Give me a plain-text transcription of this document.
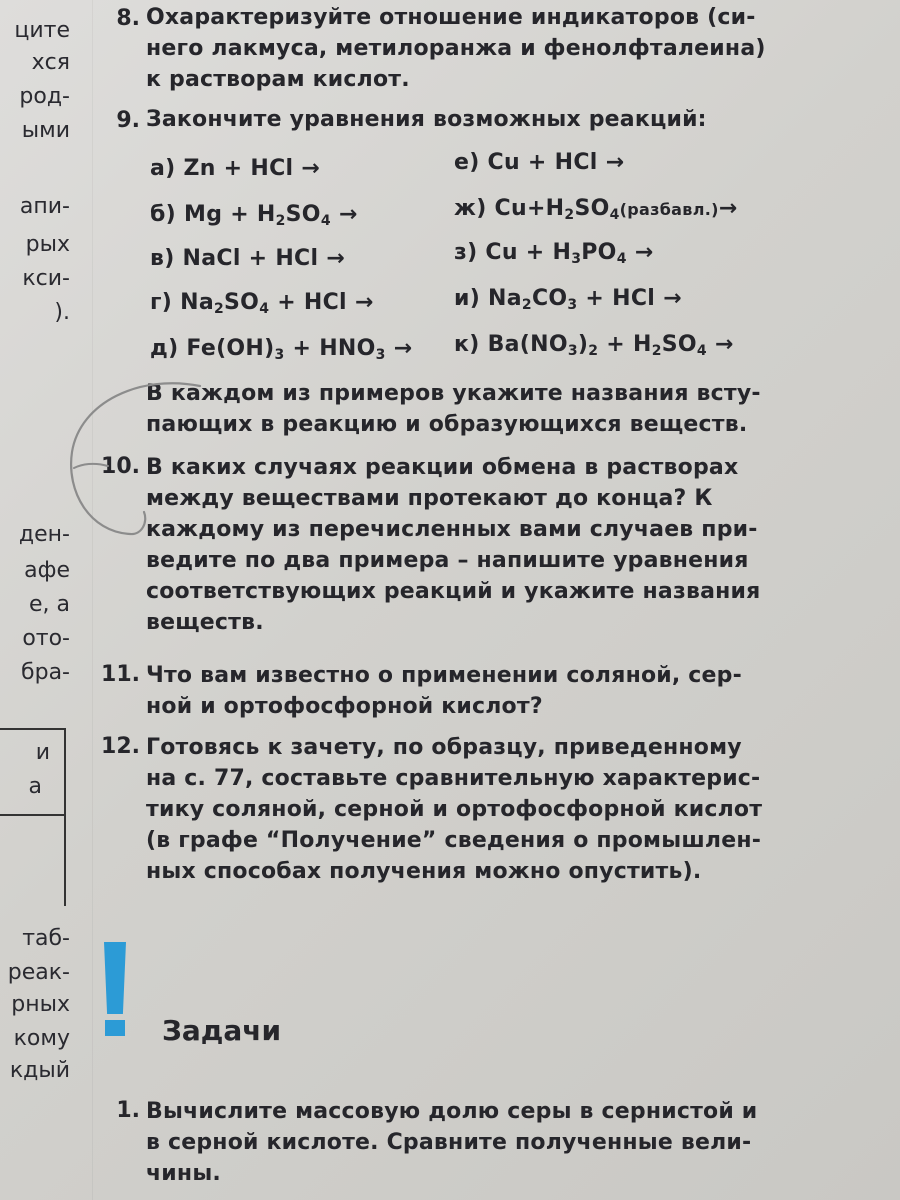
ците
хся
род-
ыми
апи-
рых
кси-
).
ден-
афе
е, а
ото-
бра-
и
а
таб-
реак-
рных
кому
кдый
8. Охарактеризуйте отношение индикаторов (си-
него лакмуса, метилоранжа и фенолфталеина)
к растворам кислот.
9. Закончите уравнения возможных реакций:
а) Zn + HCl →
б) $Mg + H_2SO_4$ →
в) NaCl + HCl →
г) $Na_2SO_4$ + HCl →
д) $Fe(OH)_3 + HNO_3$ →
е) Cu + HCl →
ж) $Cu+H_2SO_4(разбавл.)\to$
з) $Cu + H_3PO_4$ →
и) $Na_2CO_3$ + HCl →
к) $Ba(NO_3)_2 + H_2SO_4$ →
В каждом из примеров укажите названия всту-
пающих в реакцию и образующихся веществ.
10. В каких случаях реакции обмена в растворах
между веществами протекают до конца? К
каждому из перечисленных вами случаев при-
ведите по два примера – напишите уравнения
соответствующих реакций и укажите названия
веществ.
11. Что вам известно о применении соляной, сер-
ной и ортофосфорной кислот?
12. Готовясь к зачету, по образцу, приведенному
на с. 77, составьте сравнительную характерис-
тику соляной, серной и ортофосфорной кислот
(в графе “Получение” сведения о промышлен-
ных способах получения можно опустить).
Задачи
1. Вычислите массовую долю серы в сернистой и
в серной кислоте. Сравните полученные вели-
чины.
